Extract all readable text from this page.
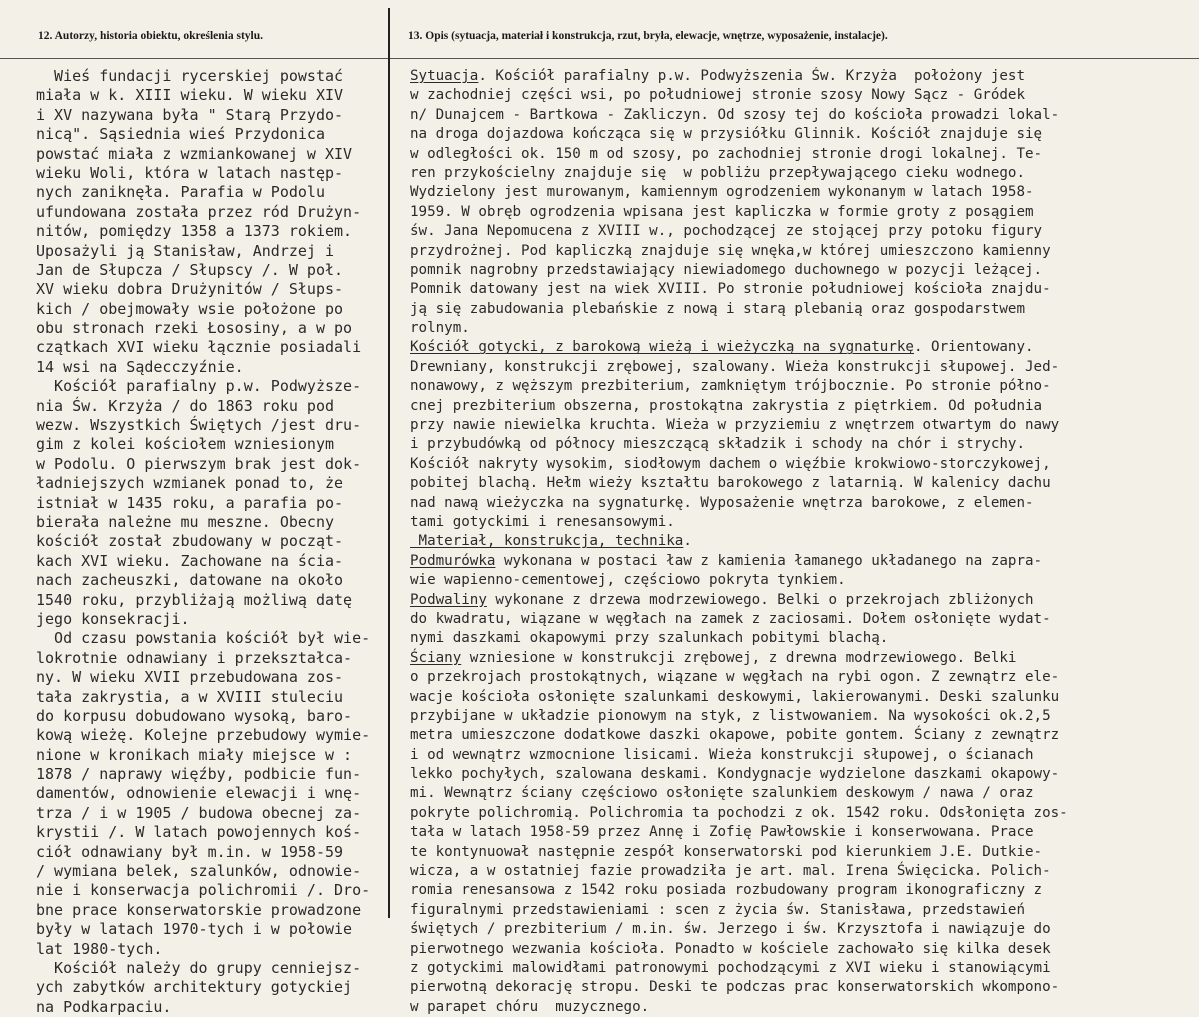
12. Autorzy, historia obiektu, określenia stylu.	13. Opis (sytuacja, materiał i konstrukcja, rzut, bryła, elewacje, wnętrze, wyposażenie, instalacje).
Wieś fundacji rycerskiej powstać
miała w k. XIII wieku. W wieku XIV
i XV nazywana była " Starą Przydo-
nicą". Sąsiednia wieś Przydonica
powstać miała z wzmiankowanej w XIV
wieku Woli, która w latach następ-
nych zaniknęła. Parafia w Podolu
ufundowana została przez ród Drużyn-
nitów, pomiędzy 1358 a 1373 rokiem.
Uposażyli ją Stanisław, Andrzej i
Jan de Słupcza / Słupscy /. W poł.
XV wieku dobra Drużynitów / Słups-
kich / obejmowały wsie położone po
obu stronach rzeki Łososiny, a w po
czątkach XVI wieku łącznie posiadali
14 wsi na Sądecczyźnie.
Kościół parafialny p.w. Podwyższe-
nia Św. Krzyża / do 1863 roku pod
wezw. Wszystkich Świętych /jest dru-
gim z kolei kościołem wzniesionym
w Podolu. O pierwszym brak jest dok-
ładniejszych wzmianek ponad to, że
istniał w 1435 roku, a parafia po-
bierała należne mu meszne. Obecny
kościół został zbudowany w począt-
kach XVI wieku. Zachowane na ścia-
nach zacheuszki, datowane na około
1540 roku, przybliżają możliwą datę
jego konsekracji.
Od czasu powstania kościół był wie-
lokrotnie odnawiany i przekształca-
ny. W wieku XVII przebudowana zos-
tała zakrystia, a w XVIII stuleciu
do korpusu dobudowano wysoką, baro-
kową wieżę. Kolejne przebudowy wymie-
nione w kronikach miały miejsce w :
1878 / naprawy więźby, podbicie fun-
damentów, odnowienie elewacji i wnę-
trza / i w 1905 / budowa obecnej za-
krystii /. W latach powojennych koś-
ciół odnawiany był m.in. w 1958-59
/ wymiana belek, szalunków, odnowie-
nie i konserwacja polichromii /. Dro-
bne prace konserwatorskie prowadzone
były w latach 1970-tych i w połowie
lat 1980-tych.
Kościół należy do grupy cenniejsz-
ych zabytków architektury gotyckiej
na Podkarpaciu.
Sytuacja. Kościół parafialny p.w. Podwyższenia Św. Krzyża  położony jest
w zachodniej części wsi, po południowej stronie szosy Nowy Sącz - Gródek
n/ Dunajcem - Bartkowa - Zakliczyn. Od szosy tej do kościoła prowadzi lokal-
na droga dojazdowa kończąca się w przysiółku Glinnik. Kościół znajduje się
w odległości ok. 150 m od szosy, po zachodniej stronie drogi lokalnej. Te-
ren przykościelny znajduje się  w pobliżu przepływającego cieku wodnego.
Wydzielony jest murowanym, kamiennym ogrodzeniem wykonanym w latach 1958-
1959. W obręb ogrodzenia wpisana jest kapliczka w formie groty z posągiem
św. Jana Nepomucena z XVIII w., pochodzącej ze stojącej przy potoku figury
przydrożnej. Pod kapliczką znajduje się wnęka,w której umieszczono kamienny
pomnik nagrobny przedstawiający niewiadomego duchownego w pozycji leżącej.
Pomnik datowany jest na wiek XVIII. Po stronie południowej kościoła znajdu-
ją się zabudowania plebańskie z nową i starą plebanią oraz gospodarstwem
rolnym.
Kościół gotycki, z barokową wieżą i wieżyczką na sygnaturkę. Orientowany.
Drewniany, konstrukcji zrębowej, szalowany. Wieża konstrukcji słupowej. Jed-
nonawowy, z węższym prezbiterium, zamkniętym trójbocznie. Po stronie półno-
cnej prezbiterium obszerna, prostokątna zakrystia z piętrkiem. Od południa
przy nawie niewielka kruchta. Wieża w przyziemiu z wnętrzem otwartym do nawy
i przybudówką od północy mieszczącą składzik i schody na chór i strychy.
Kościół nakryty wysokim, siodłowym dachem o więźbie krokwiowo-storczykowej,
pobitej blachą. Hełm wieży kształtu barokowego z latarnią. W kalenicy dachu
nad nawą wieżyczka na sygnaturkę. Wyposażenie wnętrza barokowe, z elemen-
tami gotyckimi i renesansowymi.
Materiał, konstrukcja, technika.
Podmurówka wykonana w postaci ław z kamienia łamanego układanego na zapra-
wie wapienno-cementowej, częściowo pokryta tynkiem.
Podwaliny wykonane z drzewa modrzewiowego. Belki o przekrojach zbliżonych
do kwadratu, wiązane w węgłach na zamek z zaciosami. Dołem osłonięte wydat-
nymi daszkami okapowymi przy szalunkach pobitymi blachą.
Ściany wzniesione w konstrukcji zrębowej, z drewna modrzewiowego. Belki
o przekrojach prostokątnych, wiązane w węgłach na rybi ogon. Z zewnątrz ele-
wacje kościoła osłonięte szalunkami deskowymi, lakierowanymi. Deski szalunku
przybijane w układzie pionowym na styk, z listwowaniem. Na wysokości ok.2,5
metra umieszczone dodatkowe daszki okapowe, pobite gontem. Ściany z zewnątrz
i od wewnątrz wzmocnione lisicami. Wieża konstrukcji słupowej, o ścianach
lekko pochyłych, szalowana deskami. Kondygnacje wydzielone daszkami okapowy-
mi. Wewnątrz ściany częściowo osłonięte szalunkiem deskowym / nawa / oraz
pokryte polichromią. Polichromia ta pochodzi z ok. 1542 roku. Odsłonięta zos-
tała w latach 1958-59 przez Annę i Zofię Pawłowskie i konserwowana. Prace
te kontynuował następnie zespół konserwatorski pod kierunkiem J.E. Dutkie-
wicza, a w ostatniej fazie prowadziła je art. mal. Irena Święcicka. Polich-
romia renesansowa z 1542 roku posiada rozbudowany program ikonograficzny z
figuralnymi przedstawieniami : scen z życia św. Stanisława, przedstawień
świętych / prezbiterium / m.in. św. Jerzego i św. Krzysztofa i nawiązuje do
pierwotnego wezwania kościoła. Ponadto w kościele zachowało się kilka desek
z gotyckimi malowidłami patronowymi pochodzącymi z XVI wieku i stanowiącymi
pierwotną dekorację stropu. Deski te podczas prac konserwatorskich wkompono-
w parapet chóru  muzycznego.
